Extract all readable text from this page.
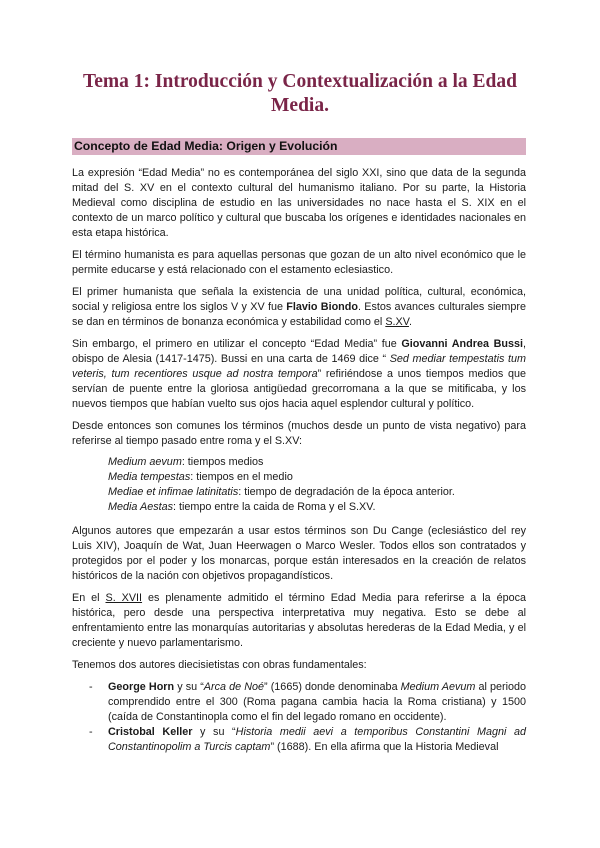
Tema 1: Introducción y Contextualización a la Edad Media.
Concepto de Edad Media: Origen y Evolución

La expresión “Edad Media” no es contemporánea del siglo XXI, sino que data de la segunda mitad del S. XV en el contexto cultural del humanismo italiano. Por su parte, la Historia Medieval como disciplina de estudio en las universidades no nace hasta el S. XIX en el contexto de un marco político y cultural que buscaba los orígenes e identidades nacionales en esta etapa histórica.

El término humanista es para aquellas personas que gozan de un alto nivel económico que le permite educarse y está relacionado con el estamento eclesiastico.

El primer humanista que señala la existencia de una unidad política, cultural, económica, social y religiosa entre los siglos V y XV fue Flavio Biondo. Estos avances culturales siempre se dan en términos de bonanza económica y estabilidad como el S.XV.

Sin embargo, el primero en utilizar el concepto “Edad Media” fue Giovanni Andrea Bussi, obispo de Alesia (1417-1475). Bussi en una carta de 1469 dice “ Sed mediar tempestatis tum veteris, tum recentiores usque ad nostra tempora” refiriéndose a unos tiempos medios que servían de puente entre la gloriosa antigüedad grecorromana a la que se mitificaba, y los nuevos tiempos que habían vuelto sus ojos hacia aquel esplendor cultural y político.

Desde entonces son comunes los términos (muchos desde un punto de vista negativo) para referirse al tiempo pasado entre roma y el S.XV:

Medium aevum: tiempos medios
Media tempestas: tiempos en el medio
Mediae et infimae latinitatis: tiempo de degradación de la época anterior.
Media Aestas: tiempo entre la caida de Roma y el S.XV.

Algunos autores que empezarán a usar estos términos son Du Cange (eclesiástico del rey Luis XIV), Joaquín de Wat, Juan Heerwagen o Marco Wesler. Todos ellos son contratados y protegidos por el poder y los monarcas, porque están interesados en la creación de relatos históricos de la nación con objetivos propagandísticos.

En el S. XVII es plenamente admitido el término Edad Media para referirse a la época histórica, pero desde una perspectiva interpretativa muy negativa. Esto se debe al enfrentamiento entre las monarquías autoritarias y absolutas herederas de la Edad Media, y el creciente y nuevo parlamentarismo.

Tenemos dos autores diecisietistas con obras fundamentales:

- George Horn y su “Arca de Noé” (1665) donde denominaba Medium Aevum al periodo comprendido entre el 300 (Roma pagana cambia hacia la Roma cristiana) y 1500 (caída de Constantinopla como el fin del legado romano en occidente).
- Cristobal Keller y su “Historia medii aevi a temporibus Constantini Magni ad Constantinopolim a Turcis captam” (1688). En ella afirma que la Historia Medieval
